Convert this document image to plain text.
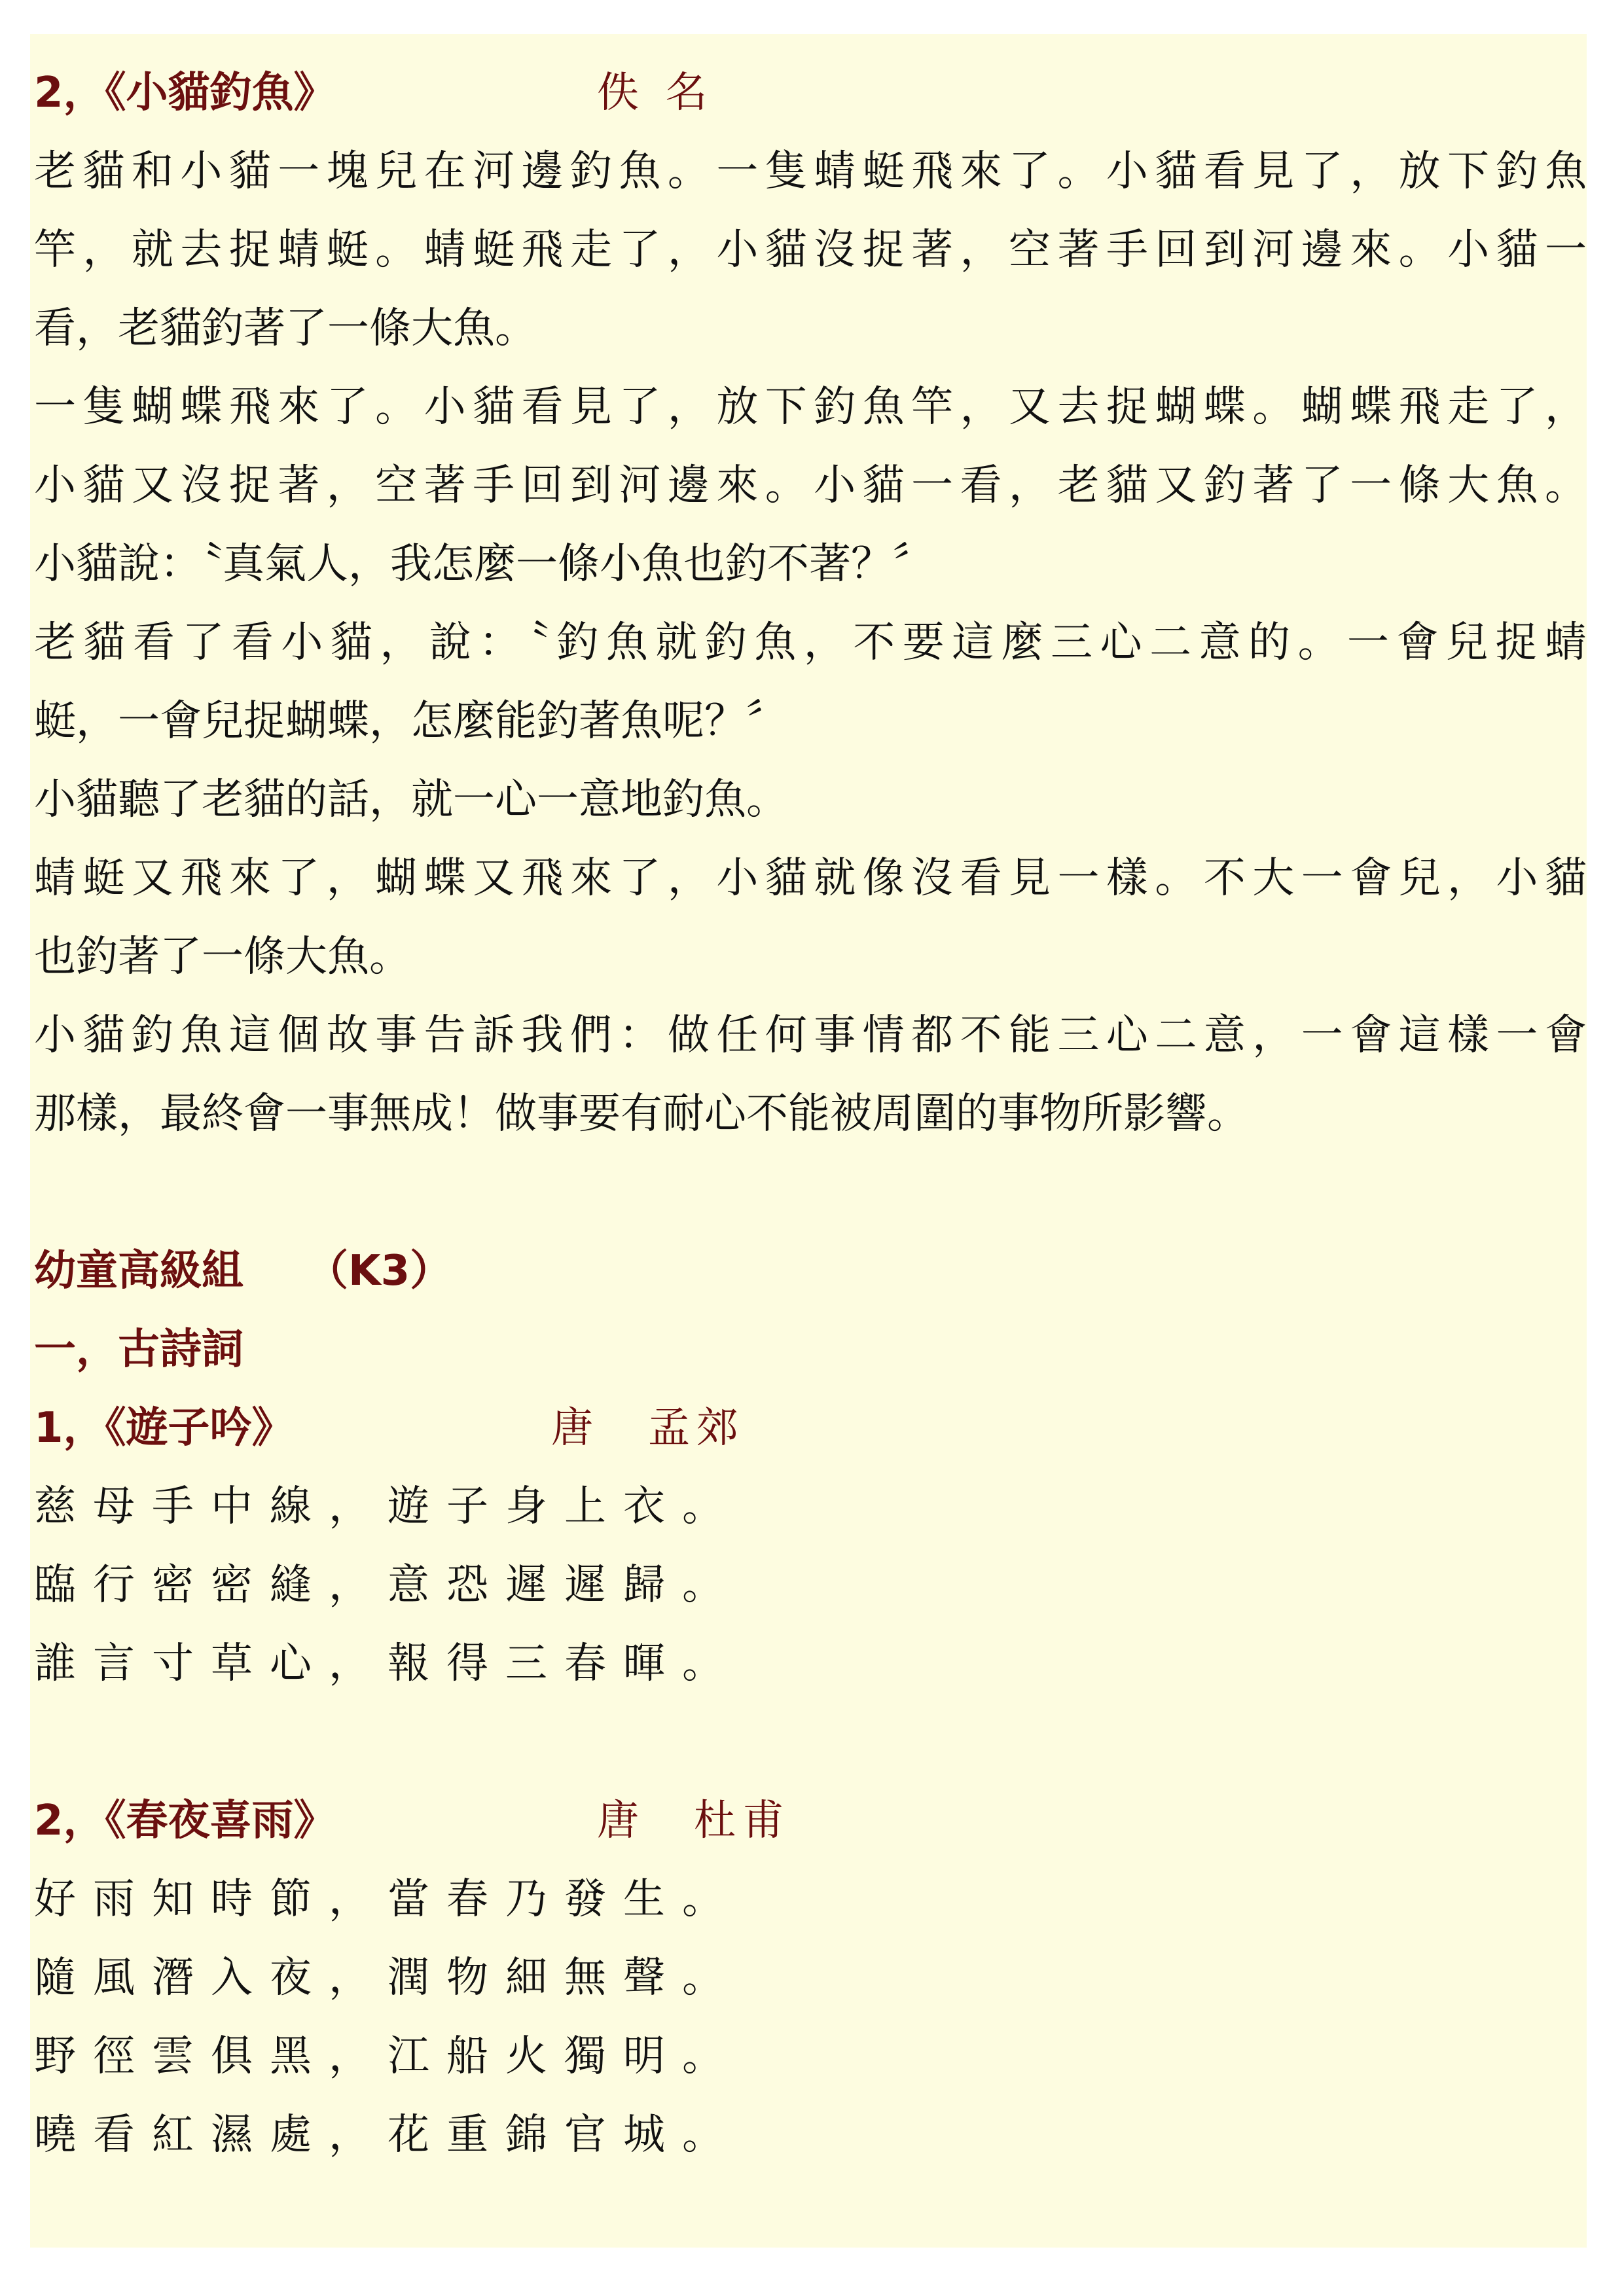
2，《小貓釣魚》	佚 名
老貓和小貓一塊兒在河邊釣魚。一隻蜻蜓飛來了。小貓看見了，放下釣魚
竿，就去捉蜻蜓。蜻蜓飛走了，小貓沒捉著，空著手回到河邊來。小貓一
看，老貓釣著了一條大魚。
一隻蝴蝶飛來了。小貓看見了，放下釣魚竿，又去捉蝴蝶。蝴蝶飛走了，
小貓又沒捉著，空著手回到河邊來。小貓一看，老貓又釣著了一條大魚。
小貓說：〝真氣人，我怎麼一條小魚也釣不著？〞
老貓看了看小貓，說：〝釣魚就釣魚，不要這麼三心二意的。一會兒捉蜻
蜓，一會兒捉蝴蝶，怎麼能釣著魚呢？〞
小貓聽了老貓的話，就一心一意地釣魚。
蜻蜓又飛來了，蝴蝶又飛來了，小貓就像沒看見一樣。不大一會兒，小貓
也釣著了一條大魚。
小貓釣魚這個故事告訴我們：做任何事情都不能三心二意，一會這樣一會
那樣，最終會一事無成！做事要有耐心不能被周圍的事物所影響。
幼童高級組　　（K3）
一，古詩詞
1，《遊子吟》	唐　孟郊
慈母手中線，遊子身上衣。
臨行密密縫，意恐遲遲歸。
誰言寸草心，報得三春暉。
2，《春夜喜雨》	唐　杜甫
好雨知時節，當春乃發生。
隨風潛入夜，潤物細無聲。
野徑雲俱黑，江船火獨明。
曉看紅濕處，花重錦官城。
